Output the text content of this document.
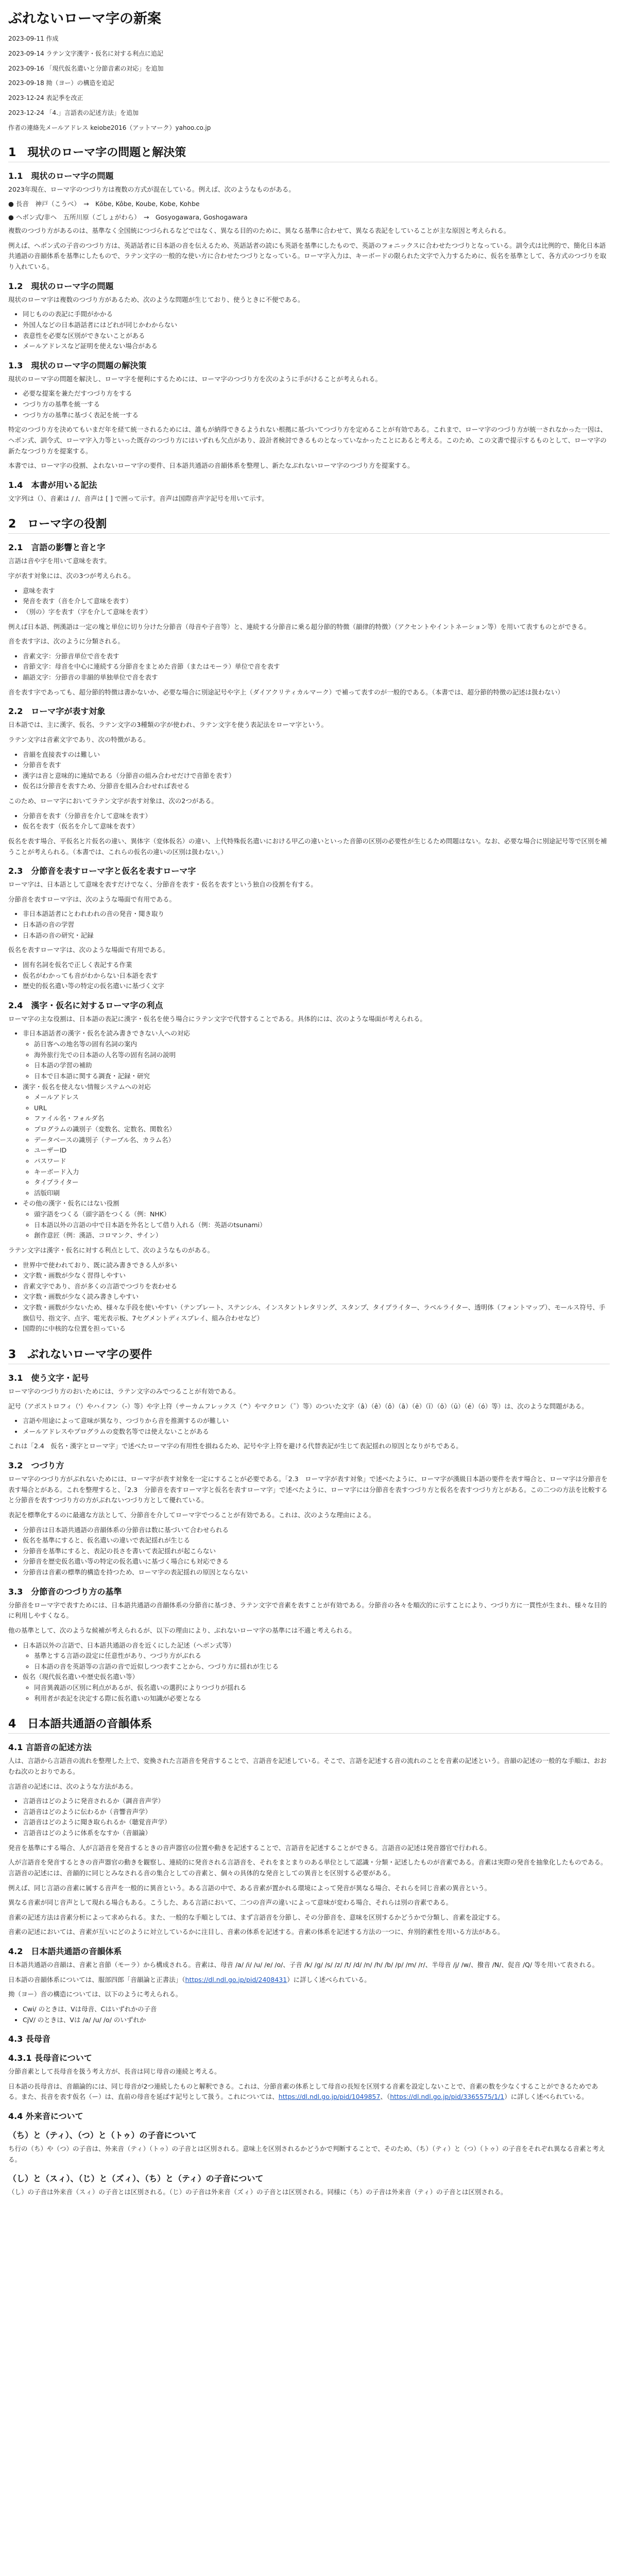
ぶれないローマ字の新案

2023-09-11 作成

2023-09-14 ラテン文字漢字・仮名に対する利点に追記

2023-09-16 「現代仮名遣いと分節音素の対応」を追加

2023-09-18 拗（ヨー）の構造を追記

2023-12-24 表記季を改正

2023-12-24 「4.」言語表の記述方法」を追加

作者の連絡先メールアドレス keiobe2016（アットマーク）yahoo.co.jp

1　現状のローマ字の問題と解決策
1.1　現状のローマ字の問題

2023年現在、ローマ字のつづり方は複数の方式が混在している。例えば、次のようなものがある。

● 長音　神戸（こうべ）　→　Kōbe, Kôbe, Koube, Kobe, Kohbe
● ヘボン式/非ヘ　五所川原（ごしょがわら）　→　Gosyogawara, Goshogawara

複数のつづり方があるのは、基準なく全国統につづられるなどではなく、異なる目的のために、異なる基準に合わせて、異なる表記をしていることが主な原因と考えられる。

例えば、ヘボン式の子音のつづり方は、英語話者に日本語の音を伝えるため、英語話者の読にも英語を基準にしたもので、英語のフォニックスに合わせたつづりとなっている。訓令式は比例的で、簡化日本語共通語の音韻体系を基準にしたもので、ラテン文字の一般的な使い方に合わせたつづりとなっている。ローマ字入力は、キーボードの限られた文字で入力するために、仮名を基準として、各方式のつづりを取り入れている。

1.2　現状のローマ字の問題

現状のローマ字は複数のつづり方があるため、次のような問題が生じており、使うときに不便である。

• 同じものの表記に手間がかかる
• 外国人などの日本語話者にはどれが同じかわからない
• 表意性を必要な区別ができないことがある
• メールアドレスなど証明を使えない場合がある
1.3　現状のローマ字の問題の解決策

現状のローマ字の問題を解決し、ローマ字を便利にするためには、ローマ字のつづり方を次のように手がけることが考えられる。

• 必要な提案を兼ただすつづり方をする
• つづり方の基準を統一する
• つづり方の基準に基づく表記を統一する

特定のつづり方を決めてもいまだ年を経て統一されるためには、誰もが納得できるようれない根拠に基づいてつづり方を定めることが有効である。これまで、ローマ字のつづり方が統一されなかった一因は、ヘボン式、訓令式、ローマ字入力等といった既存のつづり方にはいずれも欠点があり、設計者検討できるものとなっていなかったことにあると考える。このため、この文書で提示するものとして、ローマ字の新たなつづり方を提案する。

本書では、ローマ字の役割、よれないローマ字の要件、日本語共通語の音韻体系を整理し、新たなぶれないローマ字のつづり方を提案する。

1.4　本書が用いる記法

文字列は（）、音素は / /、音声は [ ] で囲って示す。音声は国際音声字記号を用いて示す。

2　ローマ字の役割
2.1　言語の影響と音と字

言語は音や字を用いて意味を表す。

字が表す対象には、次の3つが考えられる。

• 意味を表す
• 発音を表す（音を介して意味を表す）
• （別の）字を表す（字を介して意味を表す）

例えば日本語、例漢語は一定の塊と単位に切り分けた分節音（母音や子音等）と、連続する分節音に乗る超分節的特徴（韻律的特徴）（アクセントやイントネーション等）を用いて表すものとができる。

音を表す字は、次のように分類される。

• 音素文字：分節音単位で音を表す
• 音節文字：母音を中心に連続する分節音をまとめた音節（またはモーラ）単位で音を表す
• 韻語文字：分節音の非韻的単独単位で音を表す

音を表す字であっても、超分節的特徴は書かないか、必要な場合に別途記号や字上（ダイアクリティカルマーク）で補って表すのが一般的である。（本書では、超分節的特徴の記述は扱わない）

2.2　ローマ字が表す対象

日本語では、主に漢字、仮名、ラテン文字の3種類の字が使われ、ラテン文字を使う表記法をローマ字という。

ラテン文字は音素文字であり、次の特徴がある。

• 音韻を直接表すのは難しい
• 分節音を表す
• 漢字は音と意味的に連結である（分節音の組み合わせだけで音節を表す）
• 仮名は分節音を表すため、分節音を組み合わせれば表せる

このため、ローマ字においてラテン文字が表す対象は、次の2つがある。

• 分節音を表す（分節音を介して意味を表す）
• 仮名を表す（仮名を介して意味を表す）

仮名を表す場合、平仮名と片仮名の違い、異体字（変体仮名）の違い、上代特殊仮名遣いにおける甲乙の違いといった音節の区別の必要性が生じるため問題はない。なお、必要な場合に別途記号等で区別を補うことが考えられる。（本書では、これらの仮名の違いの区別は扱わない。）

2.3　分節音を表すローマ字と仮名を表すローマ字

ローマ字は、日本語として意味を表すだけでなく、分節音を表す・仮名を表すという独自の役割を有する。

分節音を表すローマ字は、次のような場面で有用である。

• 非日本語話者にとわれわれの音の発音・聞き取り
• 日本語の音の学習
• 日本語の音の研究・記録

仮名を表すローマ字は、次のような場面で有用である。

• 固有名詞を仮名で正しく表記する作業
• 仮名がわかっても音がわからない日本語を表す
• 歴史的仮名遣い等の特定の仮名遣いに基づく文字
2.4　漢字・仮名に対するローマ字の利点

ローマ字の主な役割は、日本語の表記に漢字・仮名を使う場合にラテン文字で代替することである。具体的には、次のような場面が考えられる。

• 非日本語話者の漢字・仮名を読み書きできない人への対応
◦ 訪日客への地名等の固有名詞の案内
◦ 海外旅行先での日本語の人名等の固有名詞の説明
◦ 日本語の学習の補助
◦ 日本で日本語に関する調査・記録・研究
• 漢字・仮名を使えない情報システムへの対応
◦ メールアドレス
◦ URL
◦ ファイル名・フォルダ名
◦ プログラムの識別子（変数名、定数名、関数名）
◦ データベースの識別子（テーブル名、カラム名）
◦ ユーザーID
◦ パスワード
◦ キーボード入力
◦ タイプライター
◦ 活版印刷
• その他の漢字・仮名にはない役割
◦ 頭字語をつくる（頭字語をつくる（例：NHK）
◦ 日本語以外の言語の中で日本語を外名として借り入れる（例：英語のtsunami）
◦ 創作意匠（例：漢語、コロマンク、サイン）

ラテン文字は漢字・仮名に対する利点として、次のようなものがある。

• 世界中で使われており、既に読み書きできる人が多い
• 文字数・画数が少なく習得しやすい
• 音素文字であり、音が多くの言語でつづりを表わせる
• 文字数・画数が少なく読み書きしやすい
• 文字数・画数が少ないため、様々な手段を使いやすい（テンプレート、ステンシル、インスタントレタリング、スタンプ、タイプライター、ラベルライター、透明体（フォントマップ）、モールス符号、手旗信号、指文字、点字、電光表示板、7セグメントディスプレイ、組み合わせなど）
• 国際的に中核的な位置を担っている
3　ぶれないローマ字の要件
3.1　使う文字・記号

ローマ字のつづり方のおいためには、ラテン文字のみでつることが有効である。

記号（アポストロフィ（'）やハイフン（-）等）や字上符（サーカムフレックス（^）やマクロン（¯）等）のついた文字（â）（ê）（ô）（ā）（ē）（ī）（ō）（ū）（é）（ó）等）は、次のような問題がある。

• 言語や用途によって意味が異なり、つづりから音を推測するのが難しい
• メールアドレスやプログラムの変数名等では使えないことがある

これは「2.4　仮名・漢字とローマ字」で述べたローマ字の有用性を損ねるため、記号や字上符を避ける代替表記が生じて表記揺れの原因となりがちである。

3.2　つづり方

ローマ字のつづり方がぶれないためには、ローマ字が表す対象を一定にすることが必要である。「2.3　ローマ字が表す対象」で述べたように、ローマ字が漢級日本語の要件を表す場合と、ローマ字は分節音を表す場合とがある。これを整理すると、「2.3　分節音を表すローマ字と仮名を表すローマ字」で述べたように、ローマ字には分節音を表すつづり方と仮名を表すつづり方とがある。この二つの方法を比較すると分節音を表すつづり方の方がぶれないつづり方として優れている。

表記を標準化するのに最適な方法として、分節音を介してローマ字でつることが有効である。これは、次のような理由による。

• 分節音は日本語共通語の音韻体系の分節音は数に基づいて合わせられる
• 仮名を基準にすると、仮名遣いの違いで表記揺れが生じる
• 分節音を基準にすると、表記の長さを書いて表記揺れが起こらない
• 分節音を歴史仮名遣い等の特定の仮名遣いに基づく場合にも対応できる
• 分節音は音素の標準的構造を持つため、ローマ字の表記揺れの原因とならない
3.3　分節音のつづり方の基準

分節音をローマ字で表すためには、日本語共通語の音韻体系の分節音に基づき、ラテン文字で音素を表すことが有効である。分節音の各々を順次的に示すことにより、つづり方に一貫性が生まれ、様々な目的に利用しやすくなる。

他の基準として、次のような候補が考えられるが、以下の理由により、ぶれないローマ字の基準には不適と考えられる。

• 日本語以外の言語で、日本語共通語の音を近くにした記述（ヘボン式等）
◦ 基準とする言語の設定に任意性があり、つづり方がぶれる
◦ 日本語の音を英語等の言語の音で近似しつつ表すことから、つづり方に揺れが生じる
• 仮名（現代仮名遣いや歴史仮名遣い等）
◦ 同音異義語の区別に利点があるが、仮名遣いの選択によりつづりが揺れる
◦ 利用者が表記を決定する際に仮名遣いの知識が必要となる
4　日本語共通語の音韻体系
4.1 言語音の記述方法

人は、言語から言語音の流れを整理した上で、変換された言語音を発音することで、言語音を記述している。そこで、言語を記述する音の流れのことを音素の記述という。音韻の記述の一般的な手順は、おおむね次のとおりである。

言語音の記述には、次のような方法がある。

• 言語音はどのように発音されるか（調音音声学）
• 言語音はどのように伝わるか（音響音声学）
• 言語音はどのように聞き取られるか（聴覚音声学）
• 言語音はどのように体系をなすか（音韻論）

発音を基準にする場合、人が言語音を発音するときの音声器官の位置や動きを記述することで、言語音を記述することができる。言語音の記述は発音器官で行われる。

人が言語音を発音するときの音声器官の動きを観察し、連続的に発音される言語音を、それをまとまりのある単位として認識・分類・記述したものが音素である。音素は実際の発音を抽象化したものである。言語音の記述には、音韻的に同じとみなされる音の集合としての音素と、個々の具体的な発音としての異音とを区別する必要がある。

例えば、同じ言語の音素に属する音声を一般的に異音という。ある言語の中で、ある音素が置かれる環境によって発音が異なる場合、それらを同じ音素の異音という。

異なる音素が同じ音声として現れる場合もある。こうした、ある言語において、二つの音声の違いによって意味が変わる場合、それらは別の音素である。

音素の記述方法は音素分析によって求められる。また、一般的な手順としては、まず言語音を分節し、その分節音を、意味を区別するかどうかで分類し、音素を設定する。

音素の記述においては、音素が互いにどのように対立しているかに注目し、音素の体系を記述する。音素の体系を記述する方法の一つに、弁別的素性を用いる方法がある。

4.2　日本語共通語の音韻体系

日本語共通語の音韻は、音素と音節（モーラ）から構成される。音素は、母音 /a/ /i/ /u/ /e/ /o/、子音 /k/ /g/ /s/ /z/ /t/ /d/ /n/ /h/ /b/ /p/ /m/ /r/、半母音 /j/ /w/、撥音 /N/、促音 /Q/ 等を用いて表される。

日本語の音韻体系については、服部四郎「音韻論と正書法」（https://dl.ndl.go.jp/pid/2408431）に詳しく述べられている。

拗（ヨー）音の構造については、以下のように考えられる。

• Cwi/ のときは、Vは母音、Cはいずれかの子音
• CjV/ のときは、Vは /a/ /u/ /o/ のいずれか
4.3 長母音
4.3.1 長母音について

分節音素として長母音を扱う考え方が、長音は同じ母音の連続と考える。

日本語の長母音は、音韻論的には、同じ母音が2つ連続したものと解釈できる。これは、分節音素の体系として母音の長短を区別する音素を設定しないことで、音素の数を少なくすることができるためである。また、長音を表す仮名（ー）は、直前の母音を延ばす記号として扱う。これについては、https://dl.ndl.go.jp/pid/1049857、（https://dl.ndl.go.jp/pid/3365575/1/1）に詳しく述べられている。

4.4 外来音について
（ち）と（ティ）、（つ）と（トゥ）の子音について

ち行の（ち）や（つ）の子音は、外来音（ティ）（トゥ）の子音とは区別される。意味上を区別されるかどうかで判断することで、そのため、（ち）（ティ）と（つ）（トゥ）の子音をそれぞれ異なる音素と考える。

（し）と（スィ）、（じ）と（ズィ）、（ち）と（ティ）の子音について

（し）の子音は外来音（スィ）の子音とは区別される。（じ）の子音は外来音（ズィ）の子音とは区別される。同様に（ち）の子音は外来音（ティ）の子音とは区別される。
